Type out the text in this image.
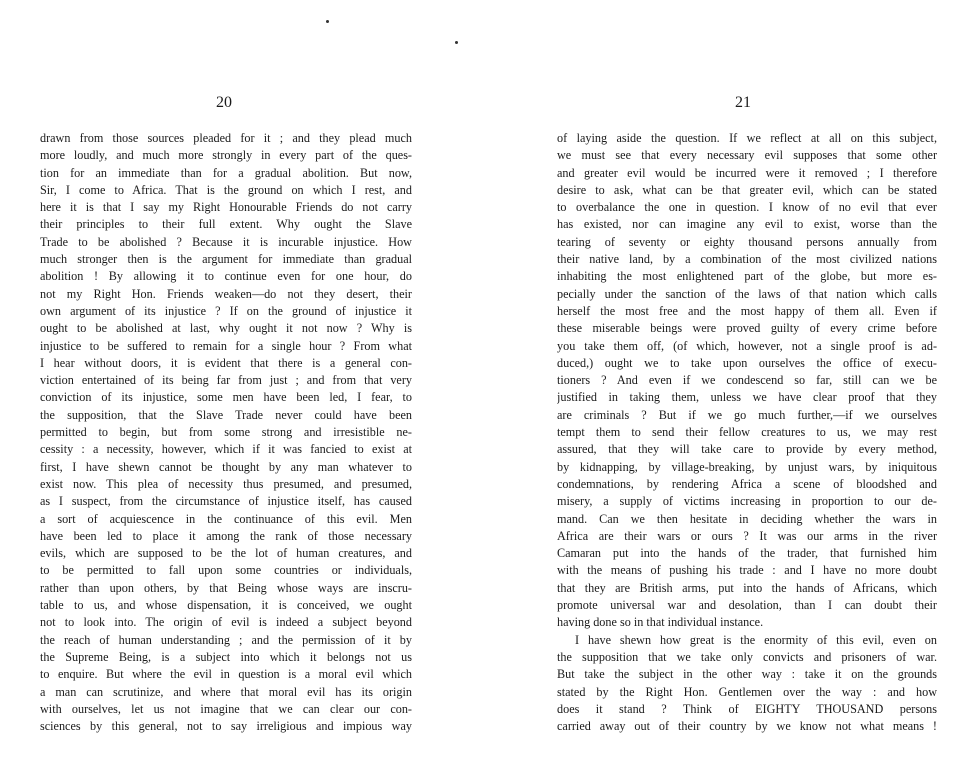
20	21
drawn from those sources pleaded for it ; and they plead much
more loudly, and much more strongly in every part of the ques-
tion for an immediate than for a gradual abolition. But now,
Sir, I come to Africa. That is the ground on which I rest, and
here it is that I say my Right Honourable Friends do not carry
their principles to their full extent. Why ought the Slave
Trade to be abolished ? Because it is incurable injustice. How
much stronger then is the argument for immediate than gradual
abolition ! By allowing it to continue even for one hour, do
not my Right Hon. Friends weaken—do not they desert, their
own argument of its injustice ? If on the ground of injustice it
ought to be abolished at last, why ought it not now ? Why is
injustice to be suffered to remain for a single hour ? From what
I hear without doors, it is evident that there is a general con-
viction entertained of its being far from just ; and from that very
conviction of its injustice, some men have been led, I fear, to
the supposition, that the Slave Trade never could have been
permitted to begin, but from some strong and irresistible ne-
cessity : a necessity, however, which if it was fancied to exist at
first, I have shewn cannot be thought by any man whatever to
exist now. This plea of necessity thus presumed, and presumed,
as I suspect, from the circumstance of injustice itself, has caused
a sort of acquiescence in the continuance of this evil. Men
have been led to place it among the rank of those necessary
evils, which are supposed to be the lot of human creatures, and
to be permitted to fall upon some countries or individuals,
rather than upon others, by that Being whose ways are inscru-
table to us, and whose dispensation, it is conceived, we ought
not to look into. The origin of evil is indeed a subject beyond
the reach of human understanding ; and the permission of it by
the Supreme Being, is a subject into which it belongs not us
to enquire. But where the evil in question is a moral evil which
a man can scrutinize, and where that moral evil has its origin
with ourselves, let us not imagine that we can clear our con-
sciences by this general, not to say irreligious and impious way
of laying aside the question. If we reflect at all on this subject,
we must see that every necessary evil supposes that some other
and greater evil would be incurred were it removed ; I therefore
desire to ask, what can be that greater evil, which can be stated
to overbalance the one in question. I know of no evil that ever
has existed, nor can imagine any evil to exist, worse than the
tearing of seventy or eighty thousand persons annually from
their native land, by a combination of the most civilized nations
inhabiting the most enlightened part of the globe, but more es-
pecially under the sanction of the laws of that nation which calls
herself the most free and the most happy of them all. Even if
these miserable beings were proved guilty of every crime before
you take them off, (of which, however, not a single proof is ad-
duced,) ought we to take upon ourselves the office of execu-
tioners ? And even if we condescend so far, still can we be
justified in taking them, unless we have clear proof that they
are criminals ? But if we go much further,—if we ourselves
tempt them to send their fellow creatures to us, we may rest
assured, that they will take care to provide by every method,
by kidnapping, by village-breaking, by unjust wars, by iniquitous
condemnations, by rendering Africa a scene of bloodshed and
misery, a supply of victims increasing in proportion to our de-
mand. Can we then hesitate in deciding whether the wars in
Africa are their wars or ours ? It was our arms in the river
Camaran put into the hands of the trader, that furnished him
with the means of pushing his trade : and I have no more doubt
that they are British arms, put into the hands of Africans, which
promote universal war and desolation, than I can doubt their
having done so in that individual instance.
I have shewn how great is the enormity of this evil, even on
the supposition that we take only convicts and prisoners of war.
But take the subject in the other way : take it on the grounds
stated by the Right Hon. Gentlemen over the way : and how
does it stand ? Think of EIGHTY THOUSAND persons
carried away out of their country by we know not what means !
